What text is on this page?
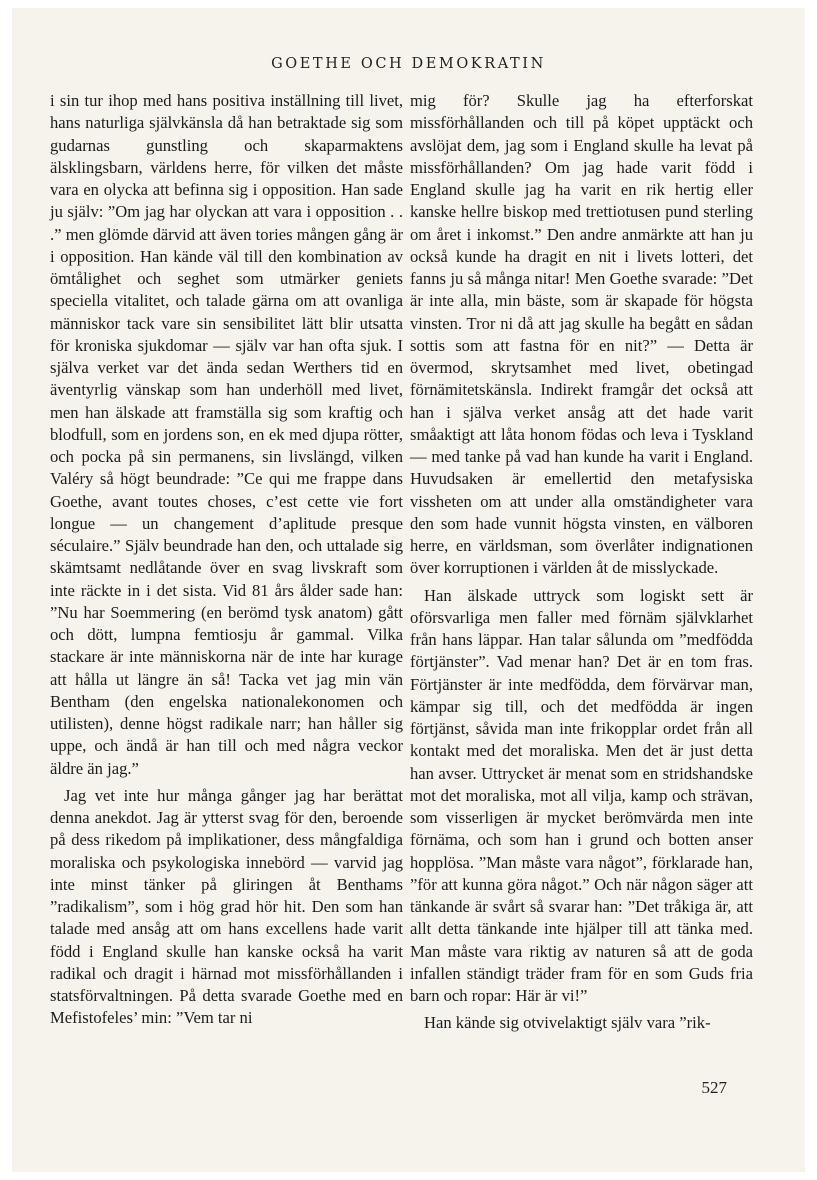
GOETHE OCH DEMOKRATIN

i sin tur ihop med hans positiva inställning till livet, hans naturliga självkänsla då han betraktade sig som gudarnas gunstling och skaparmaktens älsklingsbarn, världens herre, för vilken det måste vara en olycka att befinna sig i opposition. Han sade ju själv: ”Om jag har olyckan att vara i opposition . . .” men glömde därvid att även tories mången gång är i opposition. Han kände väl till den kombination av ömtålighet och seghet som utmärker geniets speciella vitalitet, och talade gärna om att ovanliga människor tack vare sin sensibilitet lätt blir utsatta för kroniska sjukdomar — själv var han ofta sjuk. I själva verket var det ända sedan Werthers tid en äventyrlig vänskap som han underhöll med livet, men han älskade att framställa sig som kraftig och blodfull, som en jordens son, en ek med djupa rötter, och pocka på sin permanens, sin livslängd, vilken Valéry så högt beundrade: ”Ce qui me frappe dans Goethe, avant toutes choses, c’est cette vie fort longue — un changement d’aplitude presque séculaire.” Själv beundrade han den, och uttalade sig skämtsamt nedlåtande över en svag livskraft som inte räckte in i det sista. Vid 81 års ålder sade han: ”Nu har Soemmering (en berömd tysk anatom) gått och dött, lumpna femtiosju år gammal. Vilka stackare är inte människorna när de inte har kurage att hålla ut längre än så! Tacka vet jag min vän Bentham (den engelska nationalekonomen och utilisten), denne högst radikale narr; han håller sig uppe, och ändå är han till och med några veckor äldre än jag.”

Jag vet inte hur många gånger jag har berättat denna anekdot. Jag är ytterst svag för den, beroende på dess rikedom på implikationer, dess mångfaldiga moraliska och psykologiska innebörd — varvid jag inte minst tänker på gliringen åt Benthams ”radikalism”, som i hög grad hör hit. Den som han talade med ansåg att om hans excellens hade varit född i England skulle han kanske också ha varit radikal och dragit i härnad mot missförhållanden i statsförvaltningen. På detta svarade Goethe med en Mefistofeles’ min: ”Vem tar ni

mig för? Skulle jag ha efterforskat missförhållanden och till på köpet upptäckt och avslöjat dem, jag som i England skulle ha levat på missförhållanden? Om jag hade varit född i England skulle jag ha varit en rik hertig eller kanske hellre biskop med trettiotusen pund sterling om året i inkomst.” Den andre anmärkte att han ju också kunde ha dragit en nit i livets lotteri, det fanns ju så många nitar! Men Goethe svarade: ”Det är inte alla, min bäste, som är skapade för högsta vinsten. Tror ni då att jag skulle ha begått en sådan sottis som att fastna för en nit?” — Detta är övermod, skrytsamhet med livet, obetingad förnämitetskänsla. Indirekt framgår det också att han i själva verket ansåg att det hade varit småaktigt att låta honom födas och leva i Tyskland — med tanke på vad han kunde ha varit i England. Huvudsaken är emellertid den metafysiska vissheten om att under alla omständigheter vara den som hade vunnit högsta vinsten, en välboren herre, en världsman, som överlåter indignationen över korruptionen i världen åt de misslyckade.

Han älskade uttryck som logiskt sett är oförsvarliga men faller med förnäm självklarhet från hans läppar. Han talar sålunda om ”medfödda förtjänster”. Vad menar han? Det är en tom fras. Förtjänster är inte medfödda, dem förvärvar man, kämpar sig till, och det medfödda är ingen förtjänst, såvida man inte frikopplar ordet från all kontakt med det moraliska. Men det är just detta han avser. Uttrycket är menat som en stridshandske mot det moraliska, mot all vilja, kamp och strävan, som visserligen är mycket berömvärda men inte förnäma, och som han i grund och botten anser hopplösa. ”Man måste vara något”, förklarade han, ”för att kunna göra något.” Och när någon säger att tänkande är svårt så svarar han: ”Det tråkiga är, att allt detta tänkande inte hjälper till att tänka med. Man måste vara riktig av naturen så att de goda infallen ständigt träder fram för en som Guds fria barn och ropar: Här är vi!”

Han kände sig otvivelaktigt själv vara ”rik-

527
